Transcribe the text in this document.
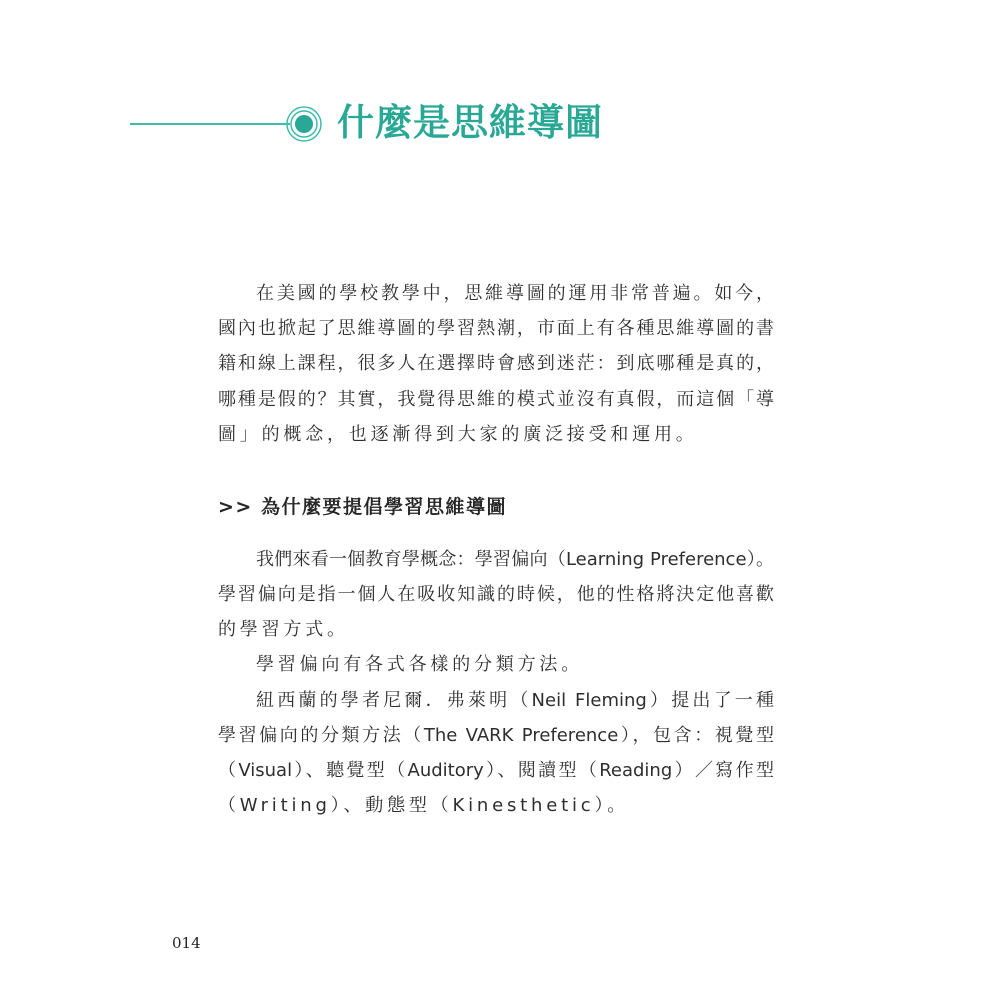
什麼是思維導圖
在美國的學校教學中，思維導圖的運用非常普遍。如今，
國內也掀起了思維導圖的學習熱潮，市面上有各種思維導圖的書
籍和線上課程，很多人在選擇時會感到迷茫：到底哪種是真的，
哪種是假的？其實，我覺得思維的模式並沒有真假，而這個「導
圖」的概念，也逐漸得到大家的廣泛接受和運用。
>> 為什麼要提倡學習思維導圖
我們來看一個教育學概念：學習偏向（Learning Preference）。
學習偏向是指一個人在吸收知識的時候，他的性格將決定他喜歡
的學習方式。
學習偏向有各式各樣的分類方法。
紐西蘭的學者尼爾．弗萊明（Neil Fleming）提出了一種
學習偏向的分類方法（The VARK Preference），包含：視覺型
（Visual）、聽覺型（Auditory）、閱讀型（Reading）／寫作型
（Writing）、動態型（Kinesthetic）。
014
